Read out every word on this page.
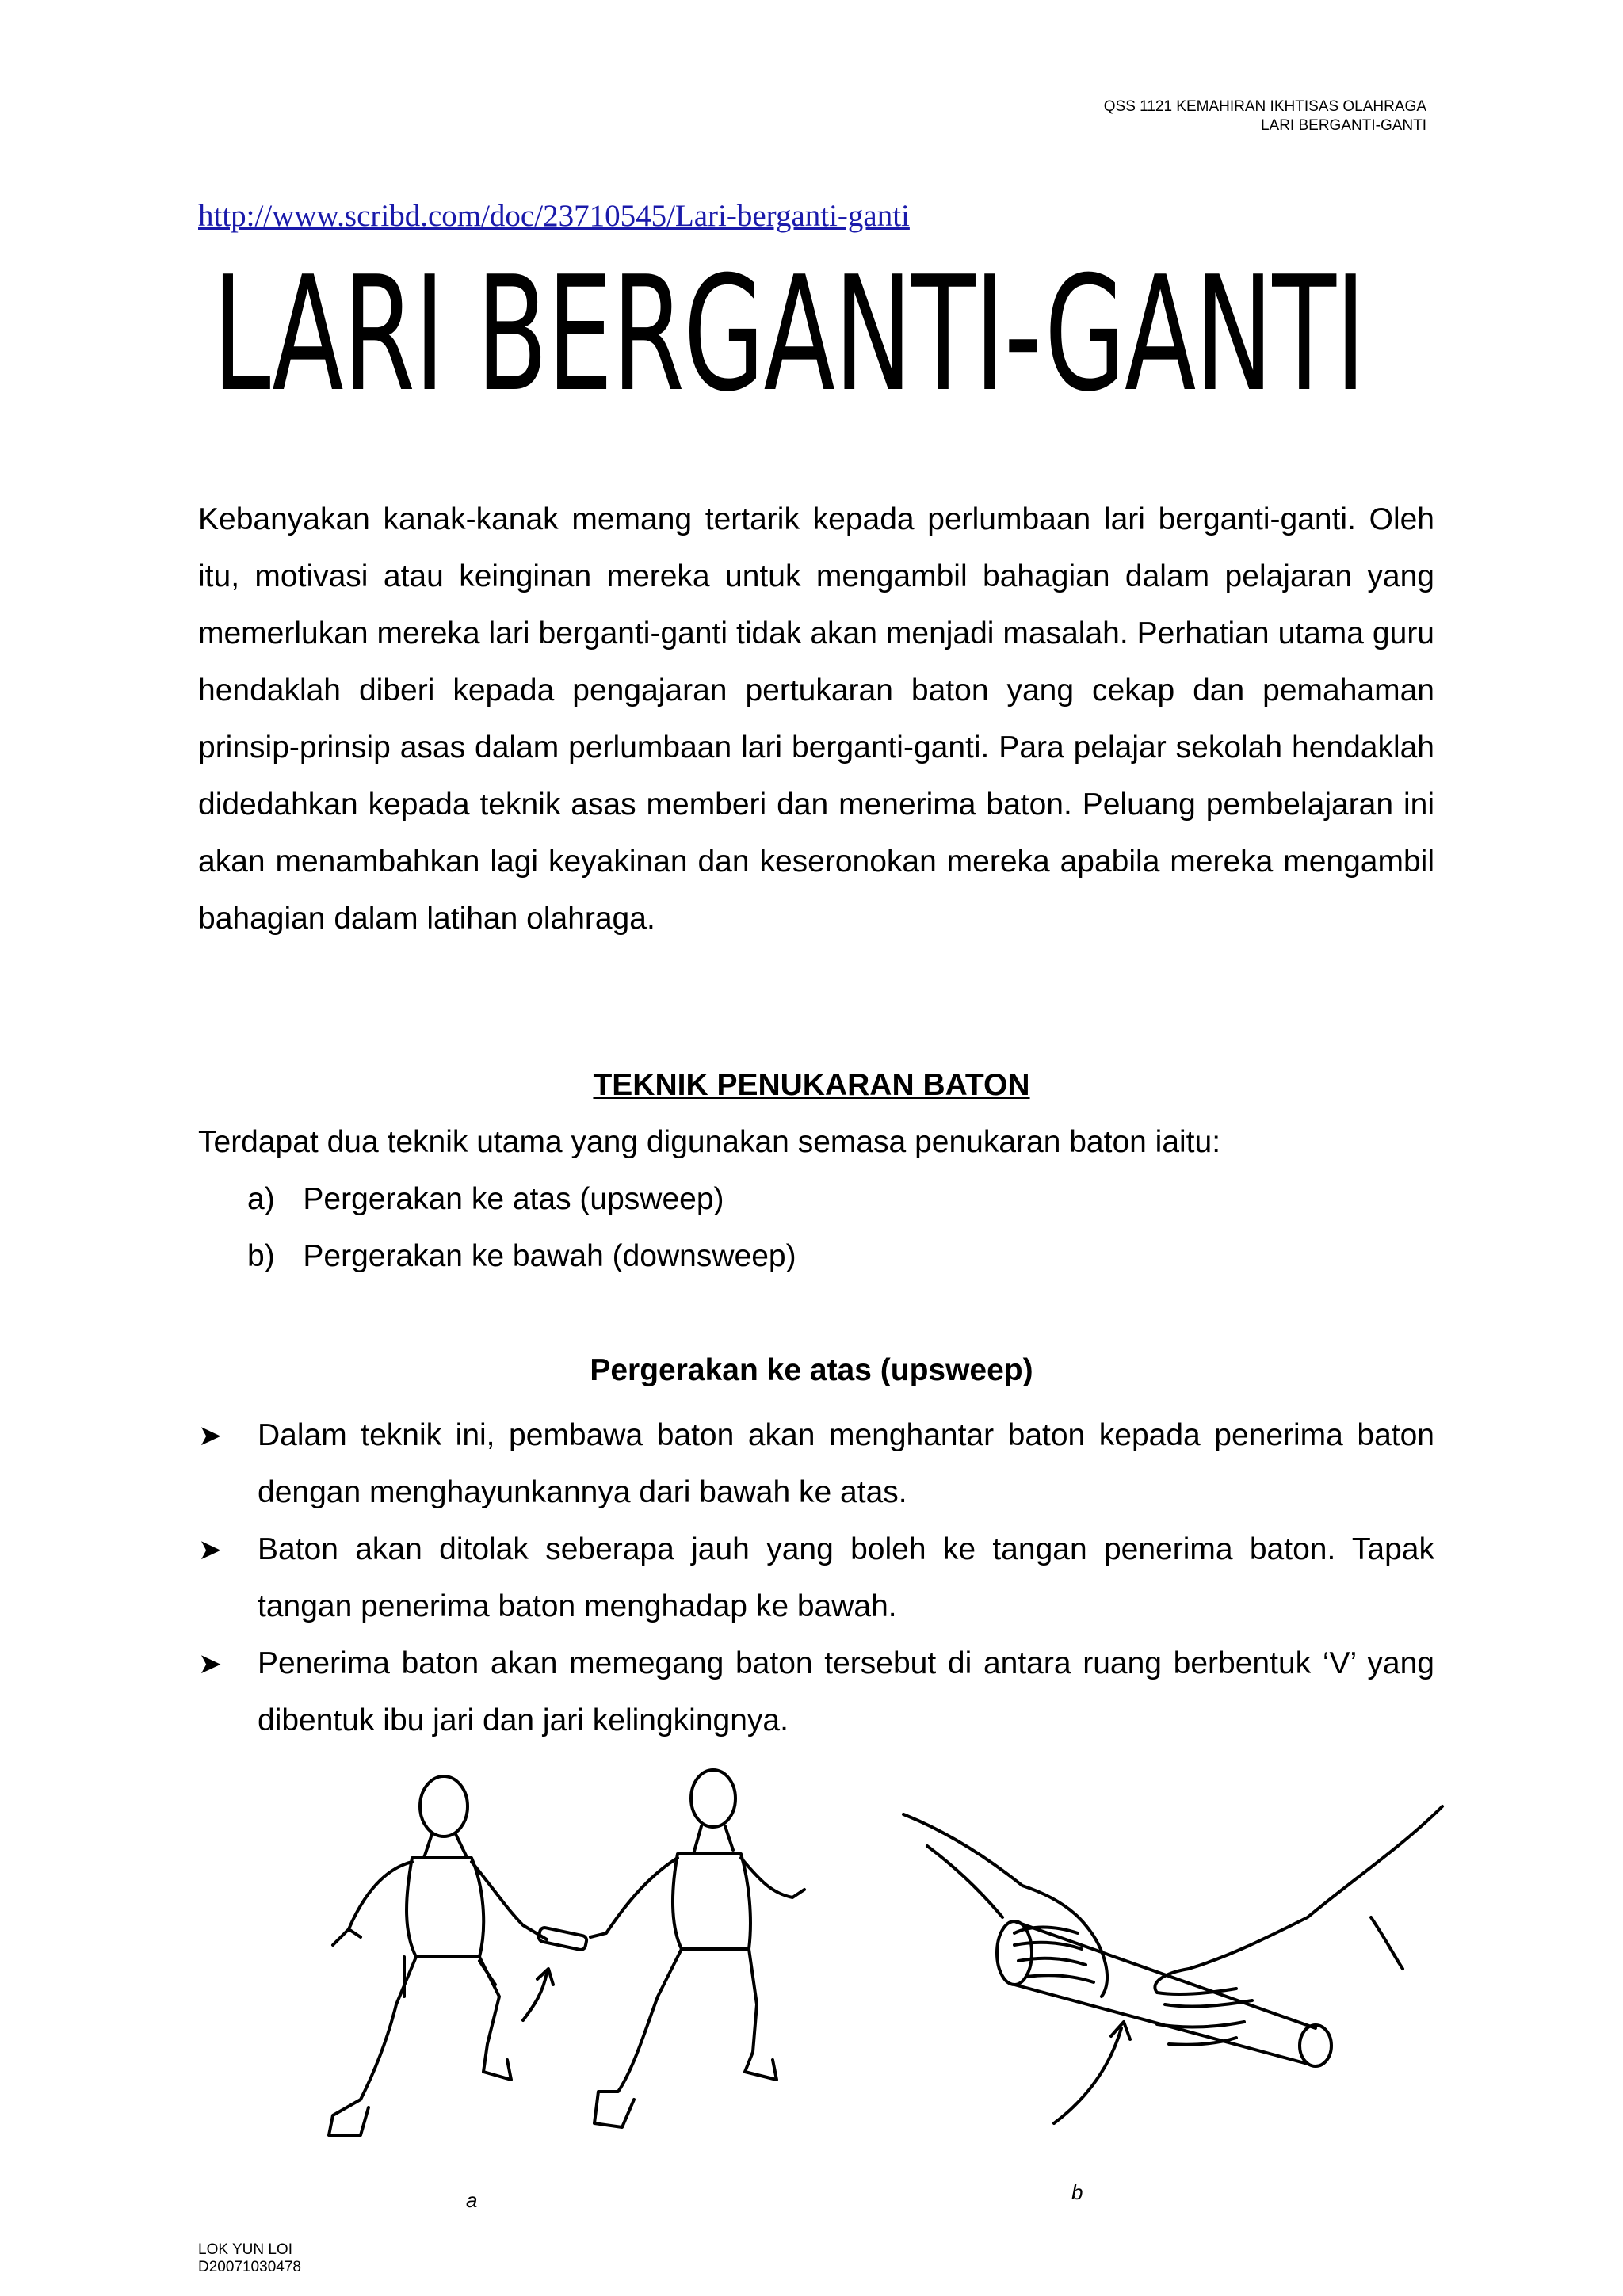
QSS 1121 KEMAHIRAN IKHTISAS OLAHRAGA
LARI BERGANTI-GANTI
http://www.scribd.com/doc/23710545/Lari-berganti-ganti
LARI BERGANTI-GANTI
Kebanyakan kanak-kanak memang tertarik kepada perlumbaan lari berganti-ganti. Oleh itu, motivasi atau keinginan mereka untuk mengambil bahagian dalam pelajaran yang memerlukan mereka lari berganti-ganti tidak akan menjadi masalah. Perhatian utama guru hendaklah diberi kepada pengajaran pertukaran baton yang cekap dan pemahaman prinsip-prinsip asas dalam perlumbaan lari berganti-ganti. Para pelajar sekolah hendaklah didedahkan kepada teknik asas memberi dan menerima baton. Peluang pembelajaran ini akan menambahkan lagi keyakinan dan keseronokan mereka apabila mereka mengambil bahagian dalam latihan olahraga.
TEKNIK PENUKARAN BATON
Terdapat dua teknik utama yang digunakan semasa penukaran baton iaitu:
a) Pergerakan ke atas (upsweep)
b) Pergerakan ke bawah (downsweep)
Pergerakan ke atas (upsweep)
➤ Dalam teknik ini, pembawa baton akan menghantar baton kepada penerima baton dengan menghayunkannya dari bawah ke atas.
➤ Baton akan ditolak seberapa jauh yang boleh ke tangan penerima baton. Tapak tangan penerima baton menghadap ke bawah.
➤ Penerima baton akan memegang baton tersebut di antara ruang berbentuk ‘V’ yang dibentuk ibu jari dan jari kelingkingnya.
a	b
LOK YUN LOI
D20071030478
